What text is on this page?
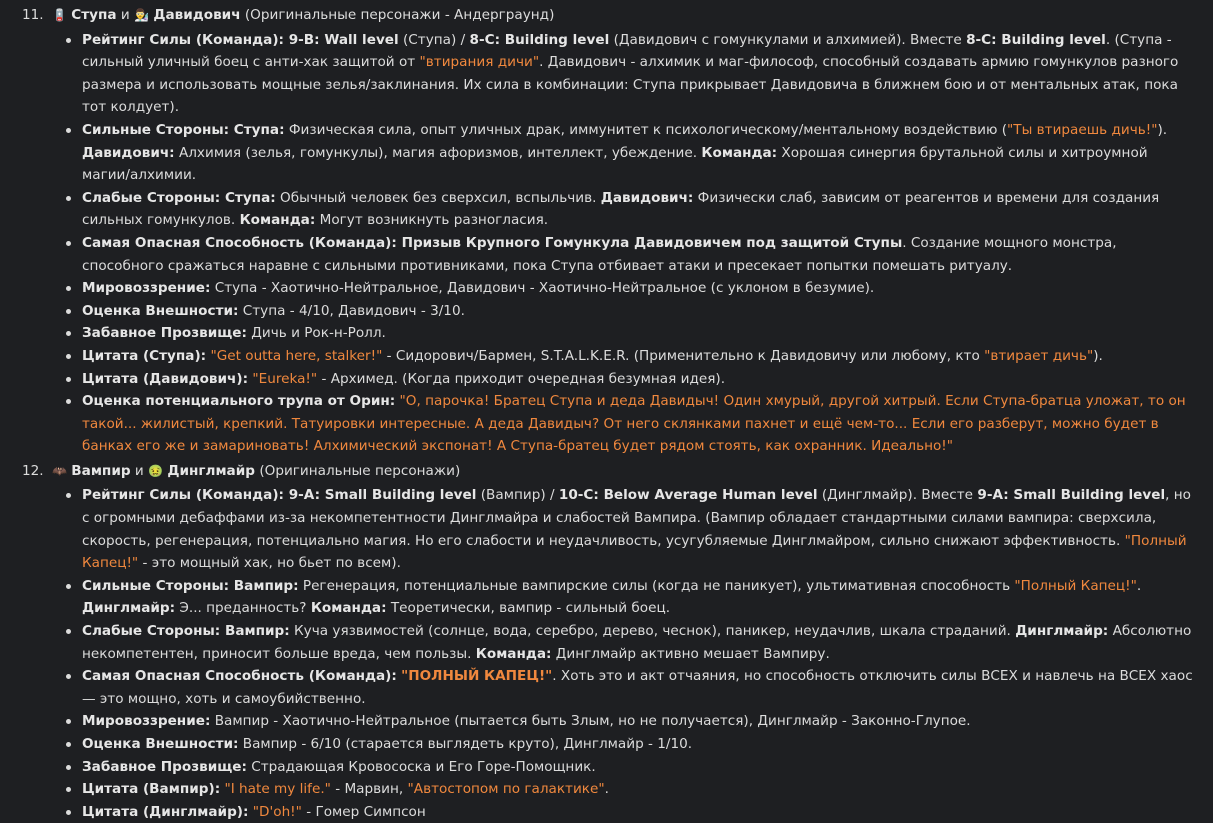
11. 🪫 Ступа и 👨‍🔬 Давидович (Оригинальные персонажи - Андерграунд)
Рейтинг Силы (Команда): 9-B: Wall level (Ступа) / 8-C: Building level (Давидович с гомункулами и алхимией). Вместе 8-C: Building level. (Ступа - сильный уличный боец с анти-хак защитой от "втирания дичи". Давидович - алхимик и маг-философ, способный создавать армию гомункулов разного размера и использовать мощные зелья/заклинания. Их сила в комбинации: Ступа прикрывает Давидовича в ближнем бою и от ментальных атак, пока тот колдует).
Сильные Стороны: Ступа: Физическая сила, опыт уличных драк, иммунитет к психологическому/ментальному воздействию ("Ты втираешь дичь!"). Давидович: Алхимия (зелья, гомункулы), магия афоризмов, интеллект, убеждение. Команда: Хорошая синергия брутальной силы и хитроумной магии/алхимии.
Слабые Стороны: Ступа: Обычный человек без сверхсил, вспыльчив. Давидович: Физически слаб, зависим от реагентов и времени для создания сильных гомункулов. Команда: Могут возникнуть разногласия.
Самая Опасная Способность (Команда): Призыв Крупного Гомункула Давидовичем под защитой Ступы. Создание мощного монстра, способного сражаться наравне с сильными противниками, пока Ступа отбивает атаки и пресекает попытки помешать ритуалу.
Мировоззрение: Ступа - Хаотично-Нейтральное, Давидович - Хаотично-Нейтральное (с уклоном в безумие).
Оценка Внешности: Ступа - 4/10, Давидович - 3/10.
Забавное Прозвище: Дичь и Рок-н-Ролл.
Цитата (Ступа): "Get outta here, stalker!" - Сидорович/Бармен, S.T.A.L.K.E.R. (Применительно к Давидовичу или любому, кто "втирает дичь").
Цитата (Давидович): "Eureka!" - Архимед. (Когда приходит очередная безумная идея).
Оценка потенциального трупа от Орин: "О, парочка! Братец Ступа и деда Давидыч! Один хмурый, другой хитрый. Если Ступа-братца уложат, то он такой... жилистый, крепкий. Татуировки интересные. А деда Давидыч? От него склянками пахнет и ещё чем-то... Если его разберут, можно будет в банках его же и замариновать! Алхимический экспонат! А Ступа-братец будет рядом стоять, как охранник. Идеально!"
12. 🦇 Вампир и 🤢 Динглмайр (Оригинальные персонажи)
Рейтинг Силы (Команда): 9-A: Small Building level (Вампир) / 10-C: Below Average Human level (Динглмайр). Вместе 9-A: Small Building level, но с огромными дебаффами из-за некомпетентности Динглмайра и слабостей Вампира. (Вампир обладает стандартными силами вампира: сверхсила, скорость, регенерация, потенциально магия. Но его слабости и неудачливость, усугубляемые Динглмайром, сильно снижают эффективность. "Полный Капец!" - это мощный хак, но бьет по всем).
Сильные Стороны: Вампир: Регенерация, потенциальные вампирские силы (когда не паникует), ультимативная способность "Полный Капец!". Динглмайр: Э... преданность? Команда: Теоретически, вампир - сильный боец.
Слабые Стороны: Вампир: Куча уязвимостей (солнце, вода, серебро, дерево, чеснок), паникер, неудачлив, шкала страданий. Динглмайр: Абсолютно некомпетентен, приносит больше вреда, чем пользы. Команда: Динглмайр активно мешает Вампиру.
Самая Опасная Способность (Команда): "ПОЛНЫЙ КАПЕЦ!". Хоть это и акт отчаяния, но способность отключить силы ВСЕХ и навлечь на ВСЕХ хаос — это мощно, хоть и самоубийственно.
Мировоззрение: Вампир - Хаотично-Нейтральное (пытается быть Злым, но не получается), Динглмайр - Законно-Глупое.
Оценка Внешности: Вампир - 6/10 (старается выглядеть круто), Динглмайр - 1/10.
Забавное Прозвище: Страдающая Кровососка и Его Горе-Помощник.
Цитата (Вампир): "I hate my life." - Марвин, "Автостопом по галактике".
Цитата (Динглмайр): "D'oh!" - Гомер Симпсон
